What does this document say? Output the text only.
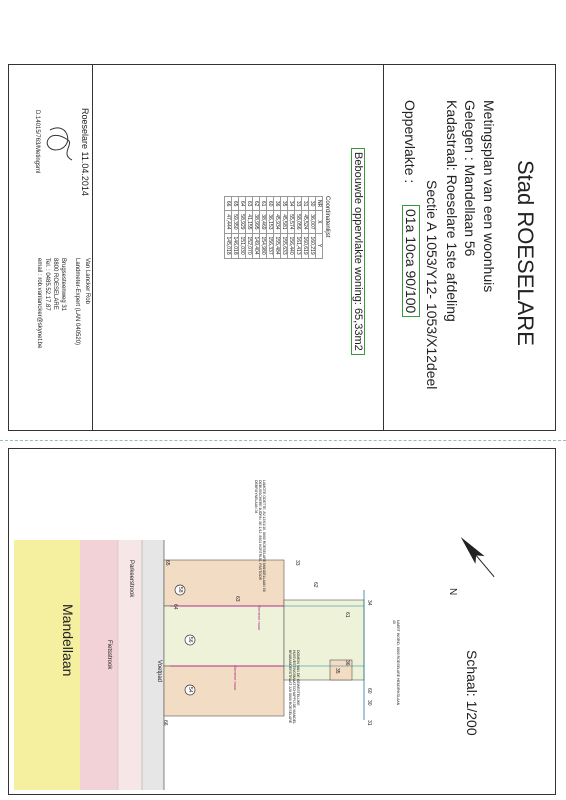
Stad ROESELARE
Metingsplan van een woonhuis
Gelegen : Mandellaan 56
Kadastraal: Roeselare 1ste afdeling
Sectie A 1053/Y12- 1053/X12deel
Oppervlakte :
01a 10ca 90/100
Bebouwde oppervlakte woning: 65,33m2
Coordinatenlijst
NR	X	Y
30	36,007	160,219
31	45,524	160,619
33	58,056	161,413
34	55,574	156,440
35	45,581	155,633
36	45,934	155,484
60	36,153	156,337
61	38,469	154,980
62	38,995	149,404
63	41,155	152,070
64	58,929	151,030
65	59,350	146,018
66	47,444	145,018
Roeselare 11.04.2014
D.14015/763/Metingsml
Van Lancker Rob
Landmeter-Expert (LAN 040520)
Brugsesteenweg 31
8800 ROESELARE
Tel. : 0485.52.17.87
email : rob.vanlancker@skynet.be
Schaal: 1/200
N
Mandellaan	Voetpad
Parkeerstrook
Fietsstrook
58
56
54
LAMOTE ODETTE, AV.12/01/10, 8800 ROESELARE MANDELLAAN 58 DEBUSSCHERE BJÖRN, 8E.1/12, 8501 KORTRIJK, PASTOOR DEBRUYNELAAN 34
NAERT INGRID, 8800 ROESELARE HENDRIKSLAAN 40
DOMEIN VAN DE GEWESTELIJKE HUISVESTINGSMAATSCHAPPIJ DE MANDEL BRABANDERSTRAAT 228 8800 ROESELARE
Gemene muur
Gemene muur
30
31
33
34
35
36
60
61
62
63
64
65
66
